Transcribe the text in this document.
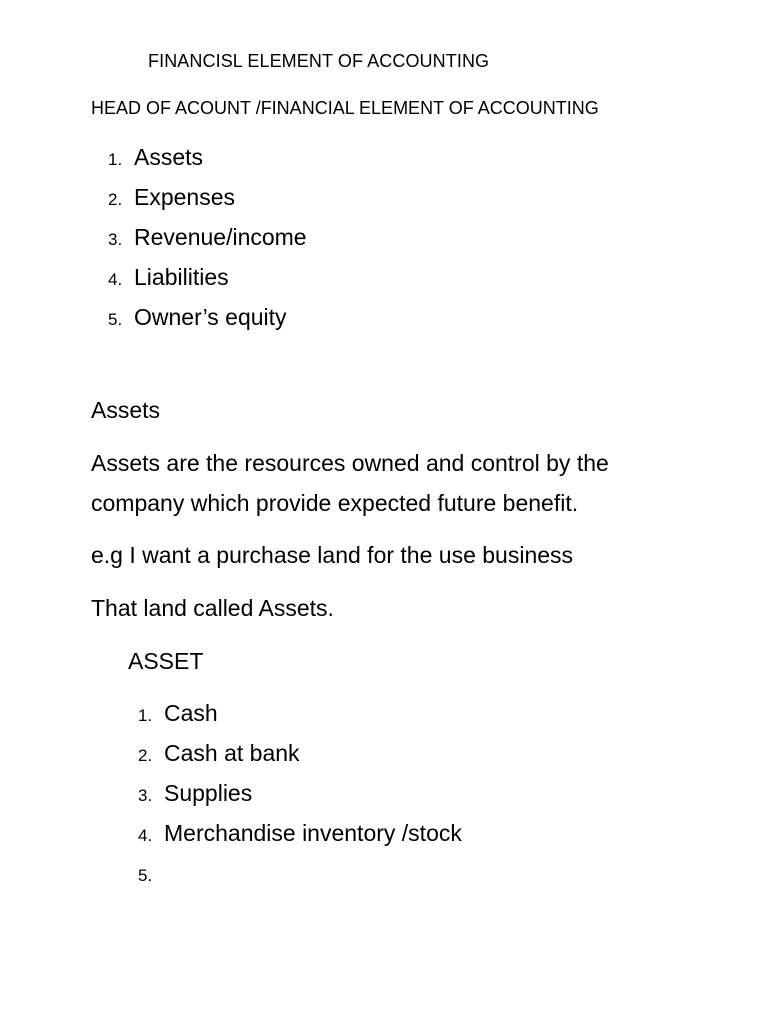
FINANCISL ELEMENT OF ACCOUNTING
HEAD OF ACOUNT /FINANCIAL ELEMENT OF ACCOUNTING
1. Assets
2. Expenses
3. Revenue/income
4. Liabilities
5. Owner’s equity
Assets
Assets are the resources owned and control by the
company which provide expected future benefit.
e.g I want a purchase land for the use business
That land called Assets.
ASSET
1. Cash
2. Cash at bank
3. Supplies
4. Merchandise inventory /stock
5.
